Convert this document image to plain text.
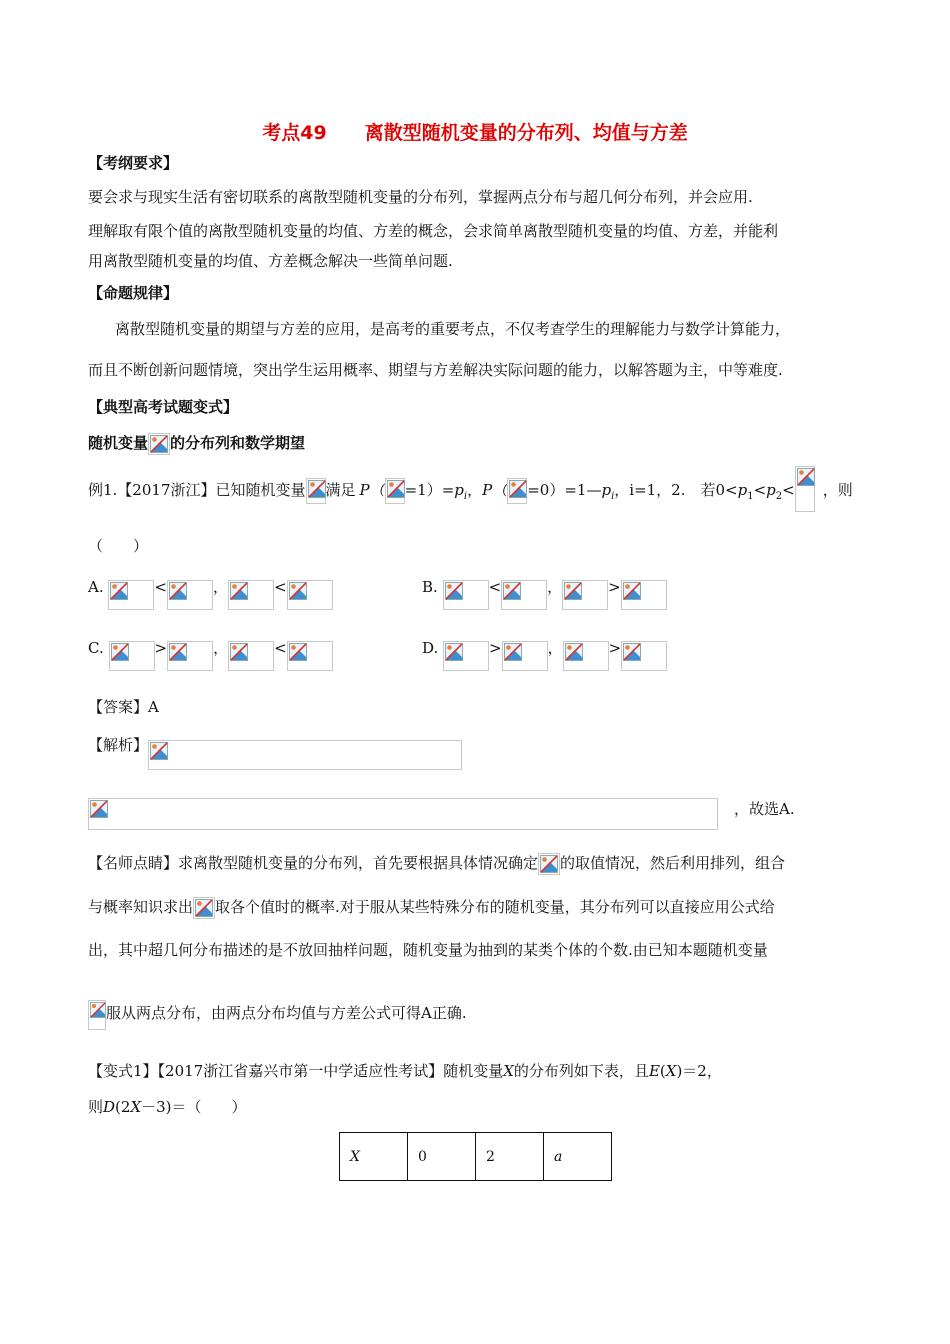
考点49　　离散型随机变量的分布列、均值与方差
【考纲要求】
要会求与现实生活有密切联系的离散型随机变量的分布列，掌握两点分布与超几何分布列，并会应用.
理解取有限个值的离散型随机变量的均值、方差的概念，会求简单离散型随机变量的均值、方差，并能利
用离散型随机变量的均值、方差概念解决一些简单问题.
【命题规律】
离散型随机变量的期望与方差的应用，是高考的重要考点，不仅考查学生的理解能力与数学计算能力，
而且不断创新问题情境，突出学生运用概率、期望与方差解决实际问题的能力，以解答题为主，中等难度.
【典型高考试题变式】
随机变量 的分布列和数学期望
例1.【2017浙江】已知随机变量 满足 $P( =1)=p_i$，$P( =0)=1—p_i$，i=1，2.　若$0<p_1<p_2<$ ，则
（　　）
A.	<	，	<	B.	<	，	>
C.	>	，	<	D.	>	，	>
【答案】A
【解析】
，故选A.
【名师点睛】求离散型随机变量的分布列，首先要根据具体情况确定 的取值情况，然后利用排列，组合
与概率知识求出 取各个值时的概率.对于服从某些特殊分布的随机变量，其分布列可以直接应用公式给
出，其中超几何分布描述的是不放回抽样问题，随机变量为抽到的某类个体的个数.由已知本题随机变量
服从两点分布，由两点分布均值与方差公式可得A正确.
【变式1】【2017浙江省嘉兴市第一中学适应性考试】随机变量X的分布列如下表，且E(X)＝2，
则D(2X－3)＝（　　）
X	0	2	a
